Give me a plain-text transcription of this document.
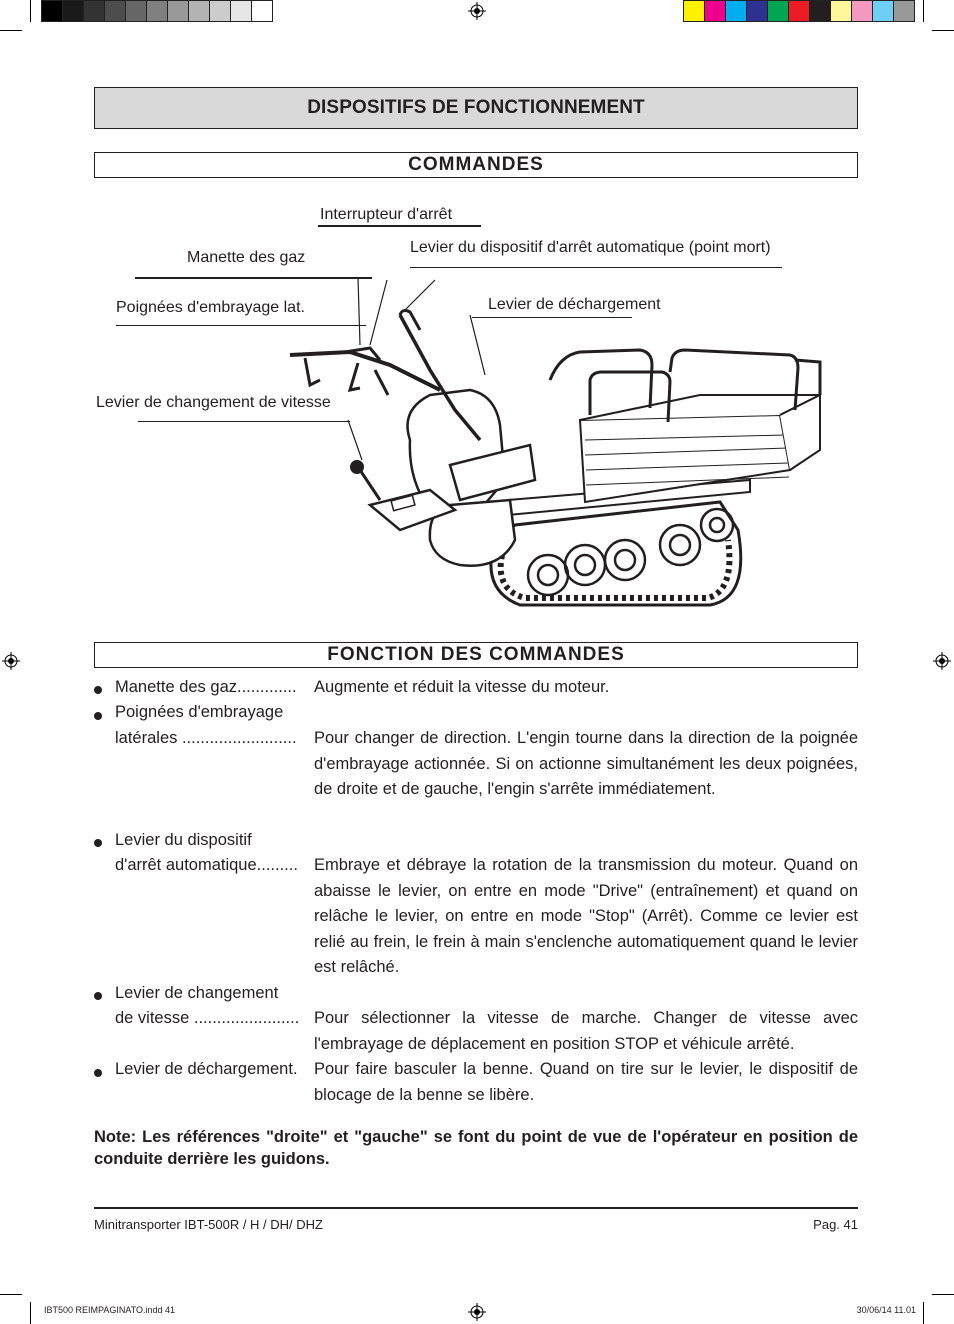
DISPOSITIFS DE FONCTIONNEMENT
COMMANDES
Interrupteur d'arrêt
Levier du dispositif d'arrêt automatique (point mort)
Manette des gaz
Levier de déchargement
Poignées d'embrayage lat.
Levier de changement de vitesse
FONCTION DES COMMANDES
Manette des gaz............. Augmente et réduit la vitesse du moteur.
Poignées d'embrayage
latérales ......................... Pour changer de direction. L'engin tourne dans la direction de la poignée d'embrayage actionnée. Si on actionne simultanément les deux poignées, de droite et de gauche, l'engin s'arrête immédiatement.
Levier du dispositif
d'arrêt automatique......... Embraye et débraye la rotation de la transmission du moteur. Quand on abaisse le levier, on entre en mode "Drive" (entraînement) et quand on relâche le levier, on entre en mode "Stop" (Arrêt). Comme ce levier est relié au frein, le frein à main s'enclenche automatiquement quand le levier est relâché.
Levier de changement
de vitesse ....................... Pour sélectionner la vitesse de marche. Changer de vitesse avec l'embrayage de déplacement en position STOP et véhicule arrêté.
Levier de déchargement. Pour faire basculer la benne. Quand on tire sur le levier, le dispositif de blocage de la benne se libère.
Note: Les références "droite" et "gauche" se font du point de vue de l'opérateur en position de conduite derrière les guidons.
Minitransporter IBT-500R / H / DH/ DHZ	Pag. 41
IBT500 REIMPAGINATO.indd 41	30/06/14 11.01
